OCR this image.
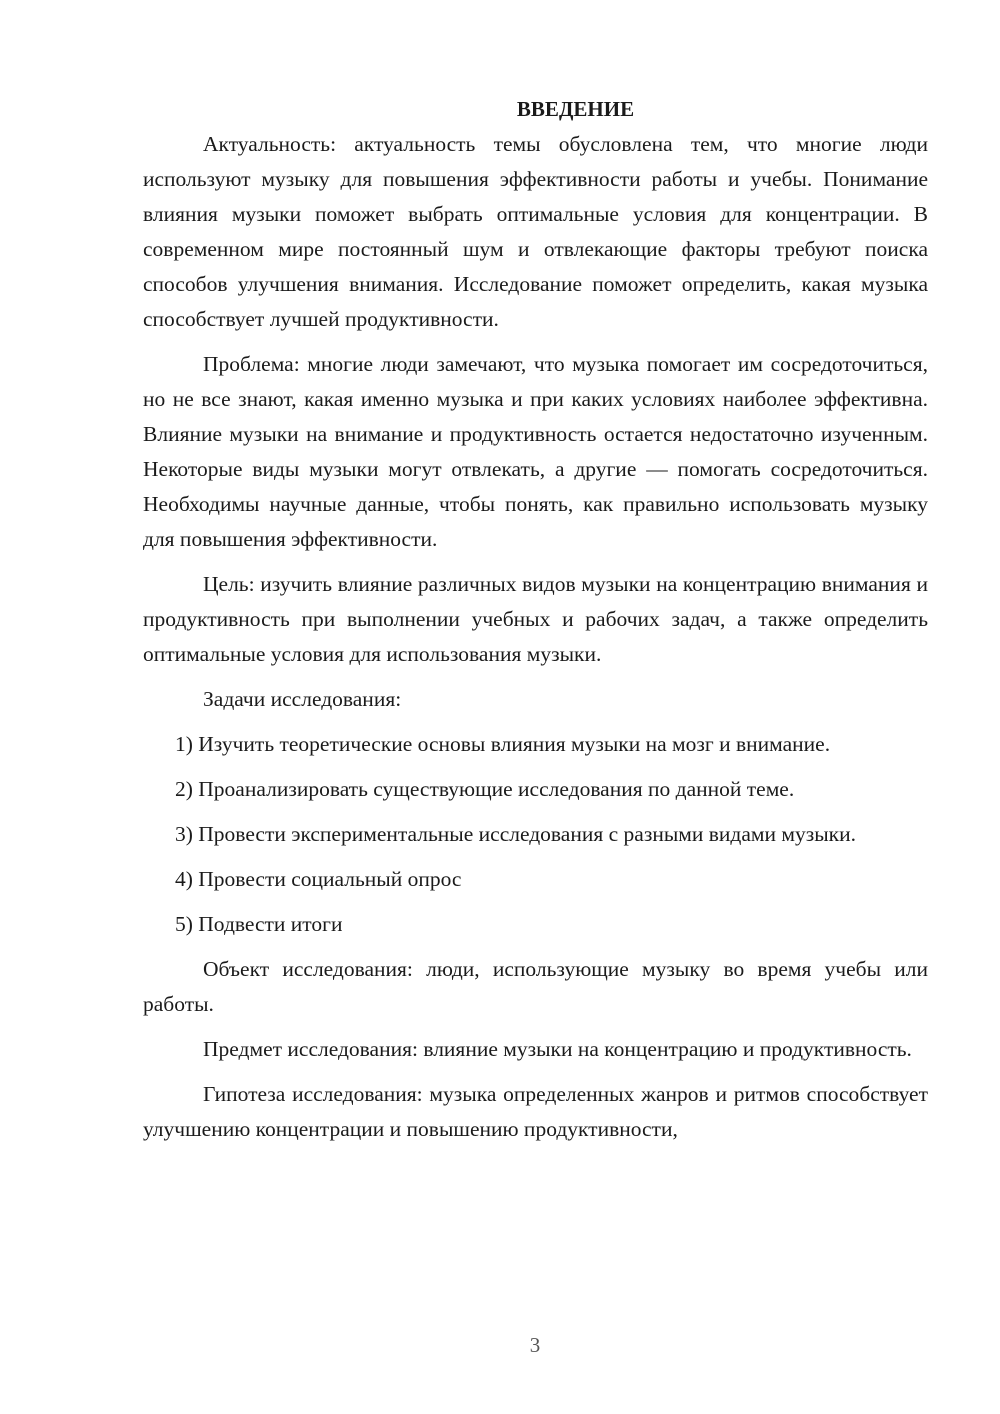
ВВЕДЕНИЕ

Актуальность: актуальность темы обусловлена тем, что многие люди используют музыку для повышения эффективности работы и учебы. Понимание влияния музыки поможет выбрать оптимальные условия для концентрации. В современном мире постоянный шум и отвлекающие факторы требуют поиска способов улучшения внимания. Исследование поможет определить, какая музыка способствует лучшей продуктивности.

Проблема: многие люди замечают, что музыка помогает им сосредоточиться, но не все знают, какая именно музыка и при каких условиях наиболее эффективна. Влияние музыки на внимание и продуктивность остается недостаточно изученным. Некоторые виды музыки могут отвлекать, а другие — помогать сосредоточиться. Необходимы научные данные, чтобы понять, как правильно использовать музыку для повышения эффективности.

Цель: изучить влияние различных видов музыки на концентрацию внимания и продуктивность при выполнении учебных и рабочих задач, а также определить оптимальные условия для использования музыки.

Задачи исследования:

1) Изучить теоретические основы влияния музыки на мозг и внимание.

2) Проанализировать существующие исследования по данной теме.

3) Провести экспериментальные исследования с разными видами музыки.

4) Провести социальный опрос

5) Подвести итоги

Объект исследования: люди, использующие музыку во время учебы или работы.

Предмет исследования: влияние музыки на концентрацию и продуктивность.

Гипотеза исследования: музыка определенных жанров и ритмов способствует улучшению концентрации и повышению продуктивности,

3
